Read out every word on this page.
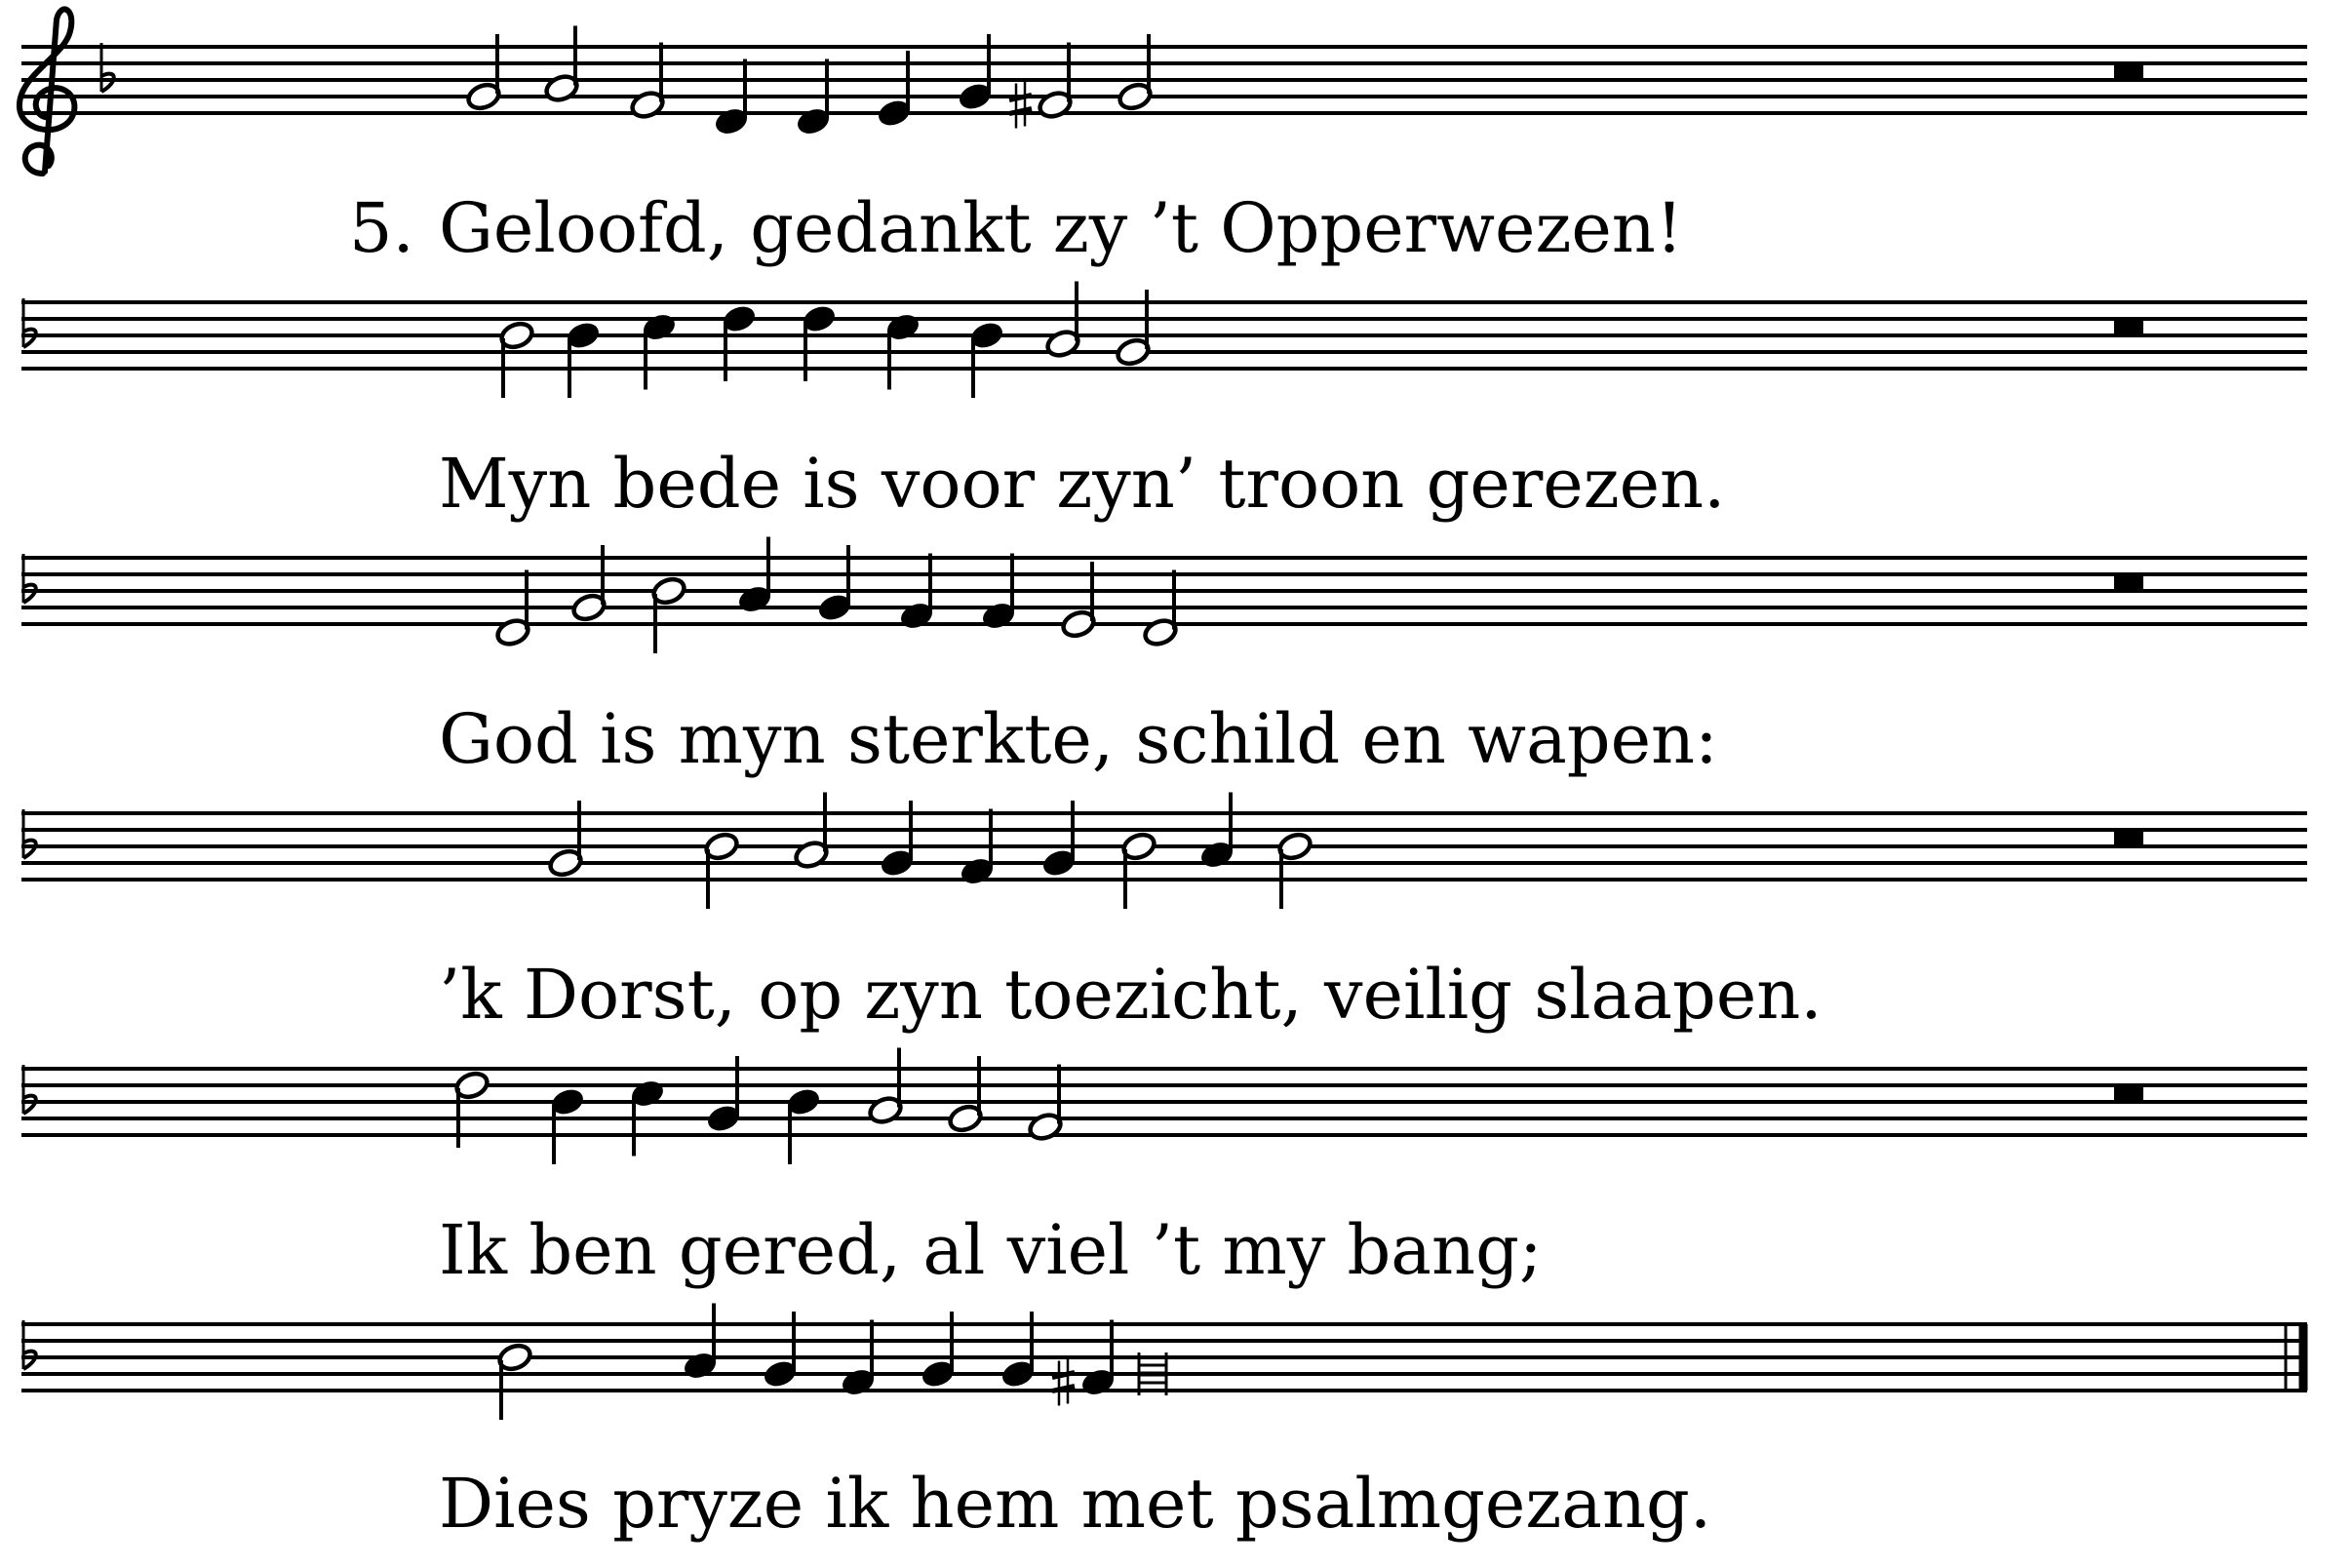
5. Geloofd, gedankt zy ’t Opperwezen!
Myn bede is voor zyn’ troon gerezen.
God is myn sterkte, schild en wapen:
’k Dorst, op zyn toezicht, veilig slaapen.
Ik ben gered, al viel ’t my bang;
Dies pryze ik hem met psalmgezang.
